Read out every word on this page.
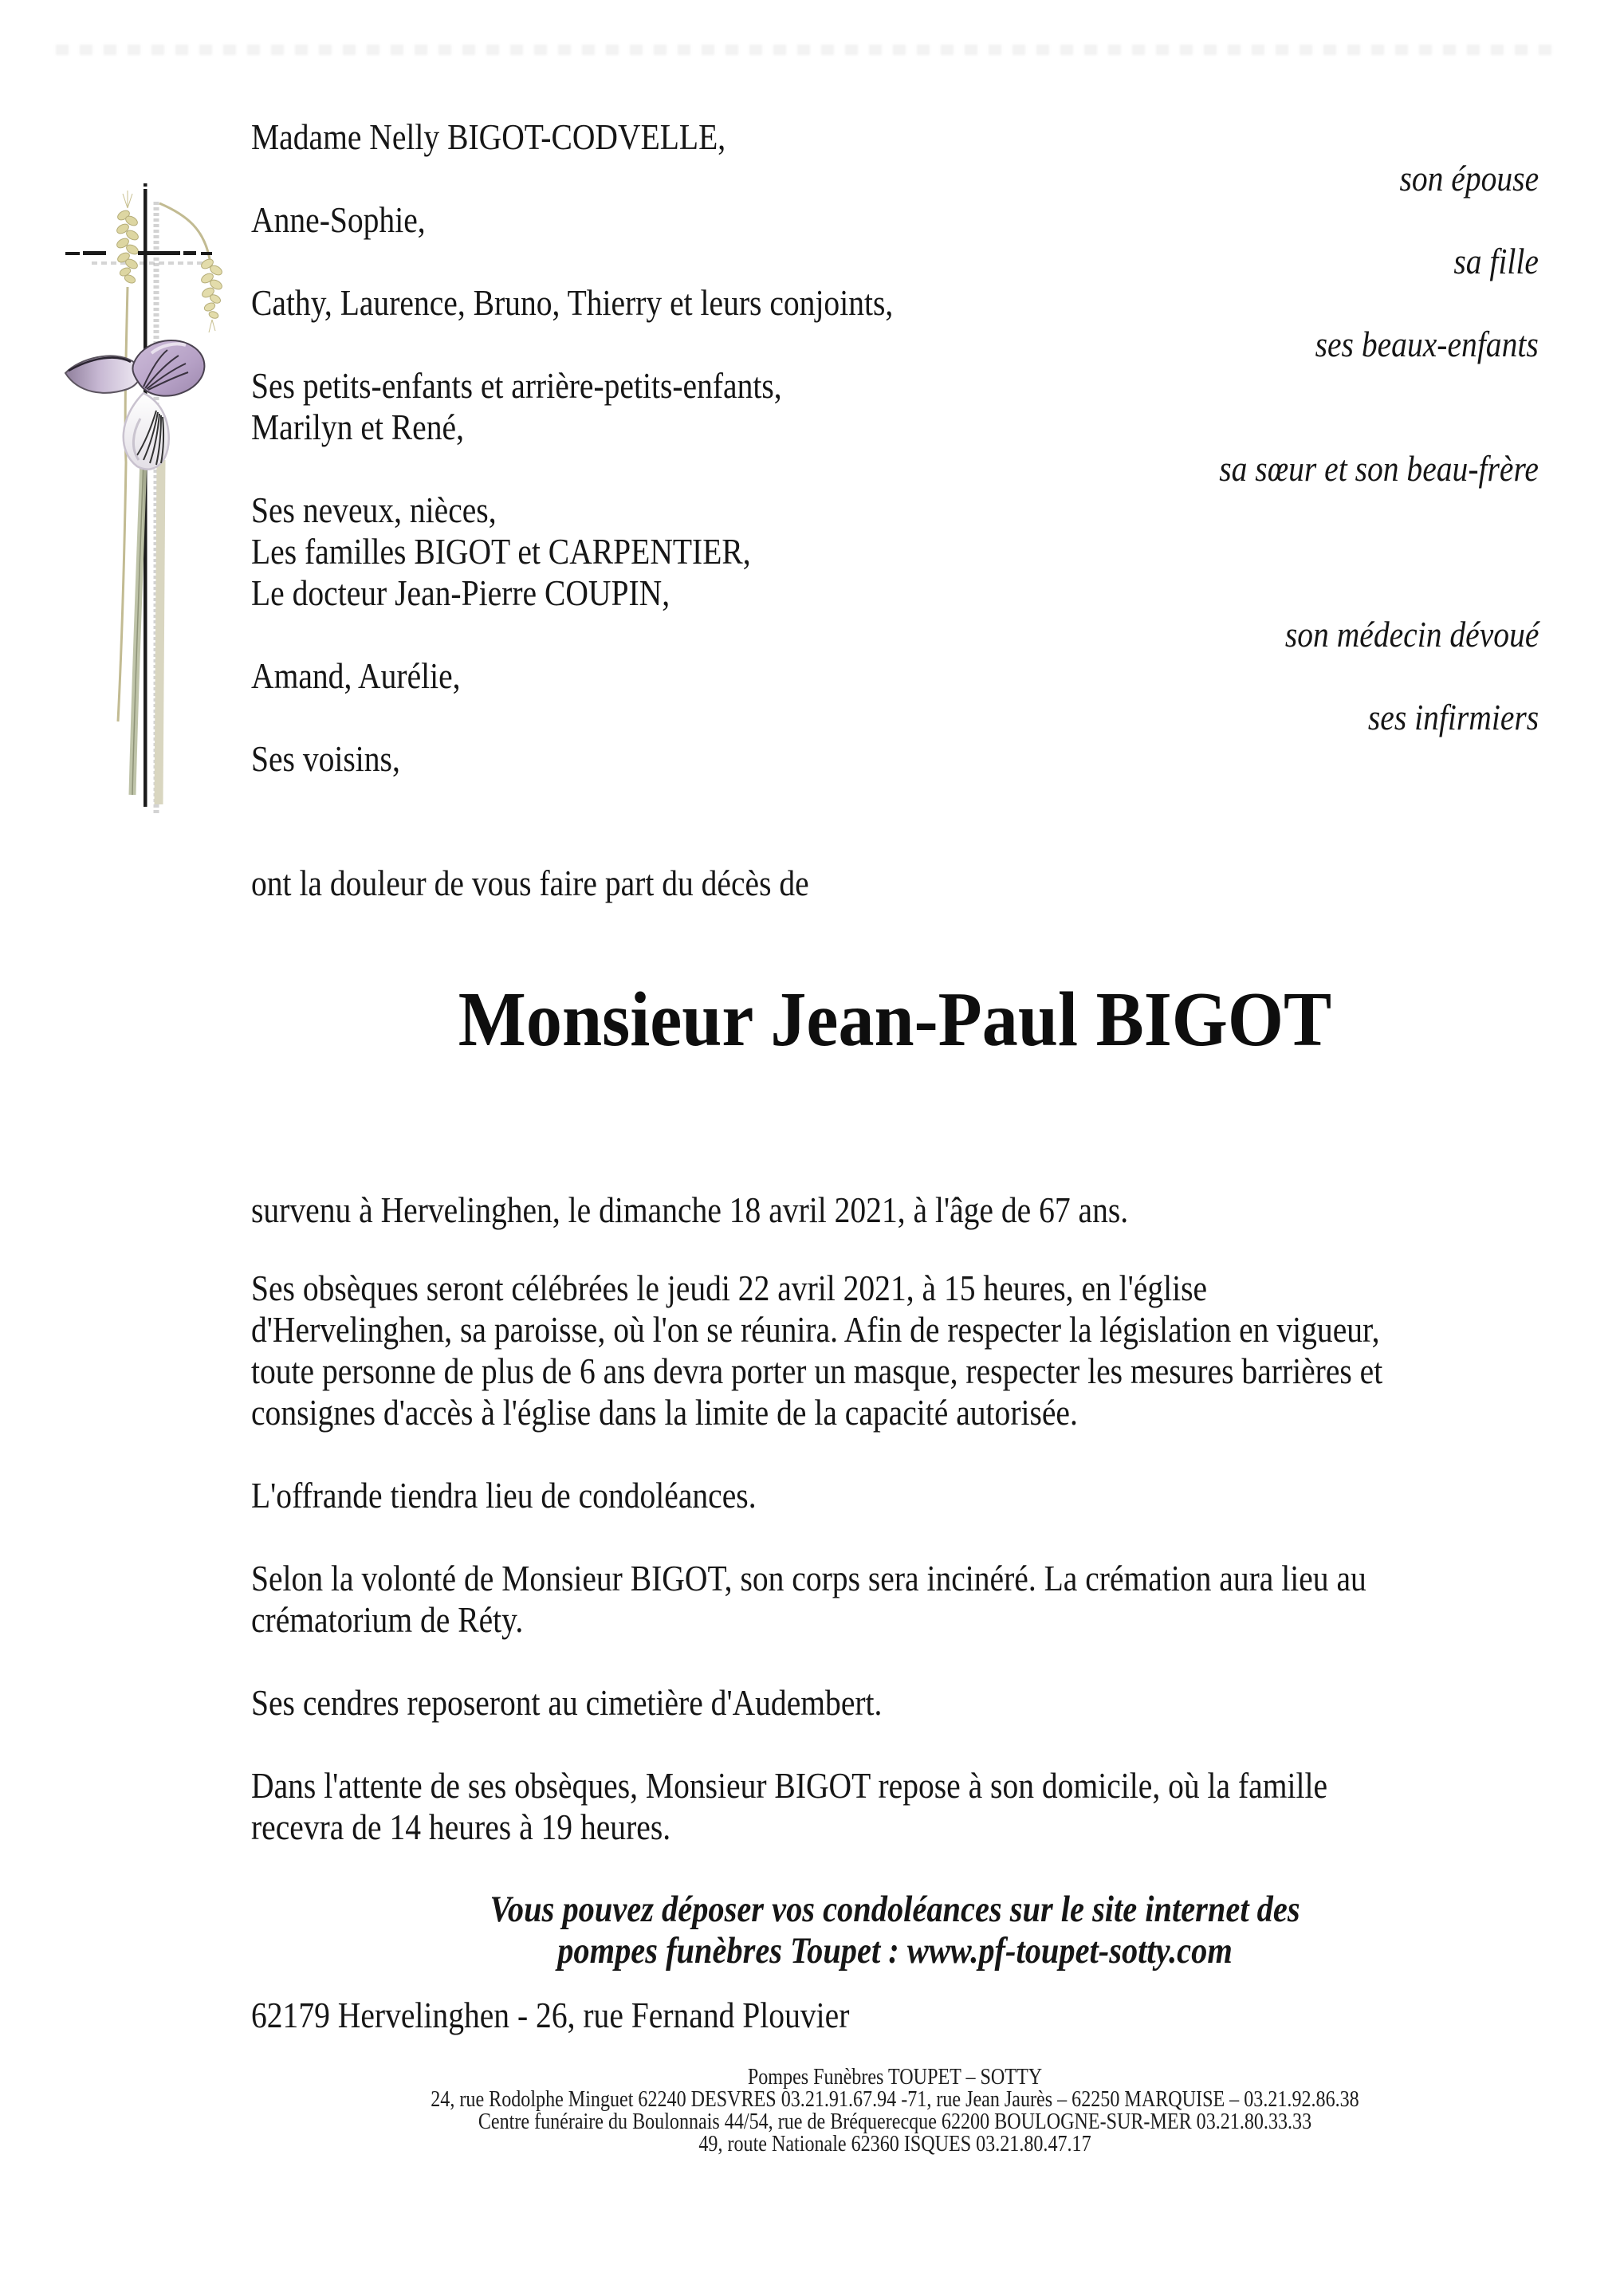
Madame Nelly BIGOT-CODVELLE,
Anne-Sophie,
Cathy, Laurence, Bruno, Thierry et leurs conjoints,
Ses petits-enfants et arrière-petits-enfants,
Marilyn et René,
Ses neveux, nièces,
Les familles BIGOT et CARPENTIER,
Le docteur Jean-Pierre COUPIN,
Amand, Aurélie,
Ses voisins,
son épouse
sa fille
ses beaux-enfants
sa sœur et son beau-frère
son médecin dévoué
ses infirmiers
ont la douleur de vous faire part du décès de
Monsieur Jean-Paul BIGOT
survenu à Hervelinghen, le dimanche 18 avril 2021, à l'âge de 67 ans.
Ses obsèques seront célébrées le jeudi 22 avril 2021, à 15 heures, en l'église
d'Hervelinghen, sa paroisse, où l'on se réunira. Afin de respecter la législation en vigueur,
toute personne de plus de 6 ans devra porter un masque, respecter les mesures barrières et
consignes d'accès à l'église dans la limite de la capacité autorisée.
L'offrande tiendra lieu de condoléances.
Selon la volonté de Monsieur BIGOT, son corps sera incinéré. La crémation aura lieu au
crématorium de Réty.
Ses cendres reposeront au cimetière d'Audembert.
Dans l'attente de ses obsèques, Monsieur BIGOT repose à son domicile, où la famille
recevra de 14 heures à 19 heures.
Vous pouvez déposer vos condoléances sur le site internet des
pompes funèbres Toupet : www.pf-toupet-sotty.com
62179 Hervelinghen - 26, rue Fernand Plouvier
Pompes Funèbres TOUPET – SOTTY
24, rue Rodolphe Minguet 62240 DESVRES 03.21.91.67.94 -71, rue Jean Jaurès – 62250 MARQUISE – 03.21.92.86.38
Centre funéraire du Boulonnais 44/54, rue de Bréquerecque 62200 BOULOGNE-SUR-MER 03.21.80.33.33
49, route Nationale 62360 ISQUES 03.21.80.47.17
